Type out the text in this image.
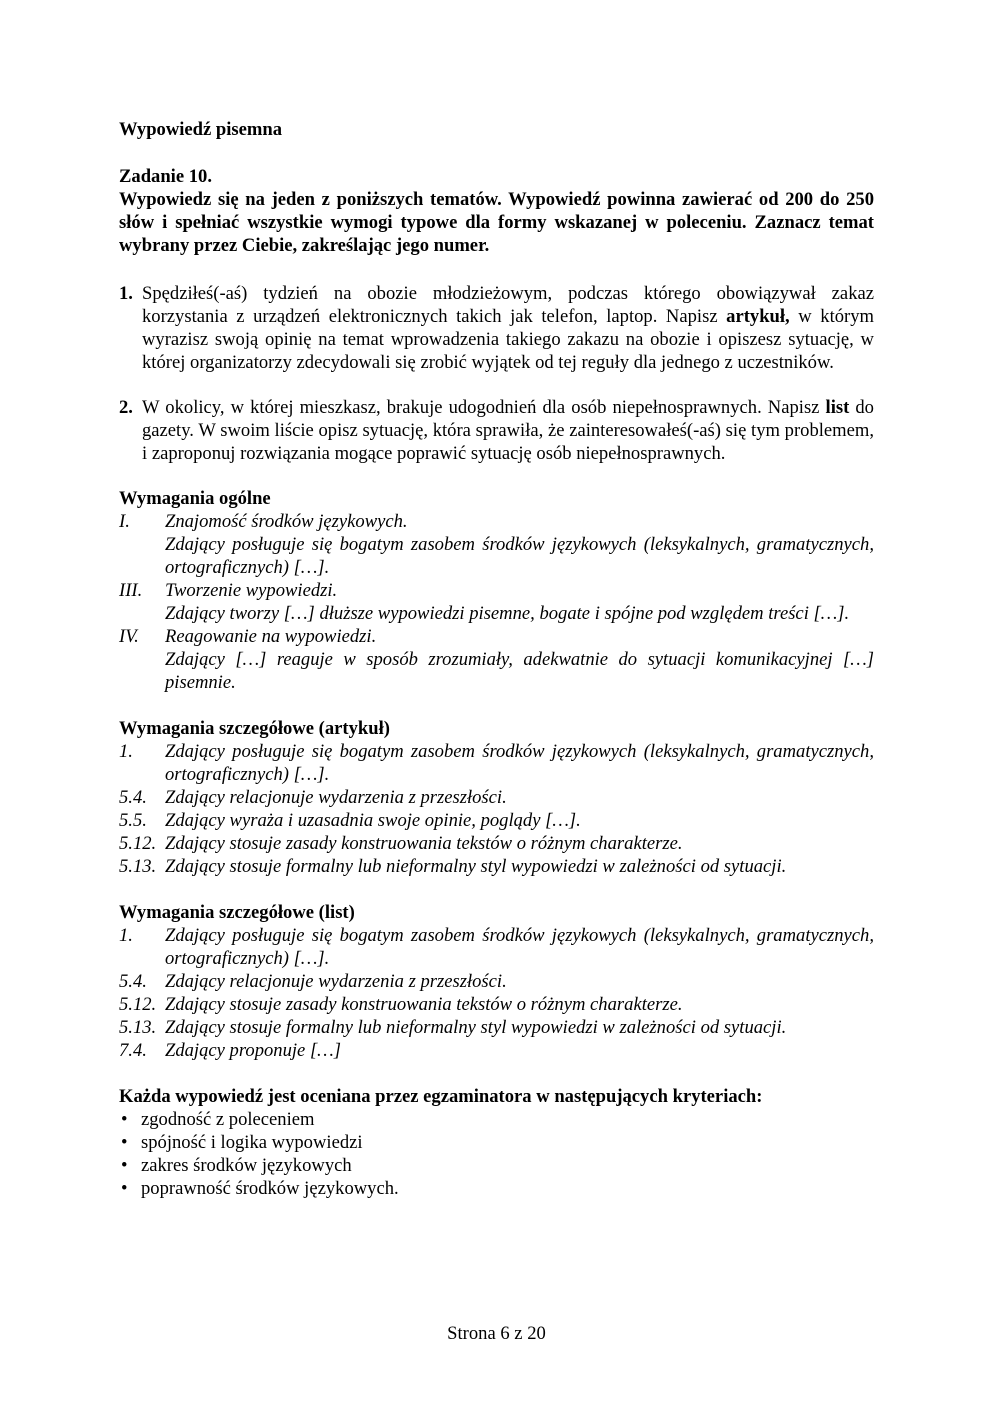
Wypowiedź pisemna

Zadanie 10.

Wypowiedz się na jeden z poniższych tematów. Wypowiedź powinna zawierać od 200 do 250 słów i spełniać wszystkie wymogi typowe dla formy wskazanej w poleceniu. Zaznacz temat wybrany przez Ciebie, zakreślając jego numer.

1. Spędziłeś(-aś) tydzień na obozie młodzieżowym, podczas którego obowiązywał zakaz korzystania z urządzeń elektronicznych takich jak telefon, laptop. Napisz artykuł, w którym wyrazisz swoją opinię na temat wprowadzenia takiego zakazu na obozie i opiszesz sytuację, w której organizatorzy zdecydowali się zrobić wyjątek od tej reguły dla jednego z uczestników.

2. W okolicy, w której mieszkasz, brakuje udogodnień dla osób niepełnosprawnych. Napisz list do gazety. W swoim liście opisz sytuację, która sprawiła, że zainteresowałeś(-aś) się tym problemem, i zaproponuj rozwiązania mogące poprawić sytuację osób niepełnosprawnych.

Wymagania ogólne

I.	Znajomość środków językowych.
Zdający posługuje się bogatym zasobem środków językowych (leksykalnych, gramatycznych, ortograficznych) […].
III.	Tworzenie wypowiedzi.
Zdający tworzy […] dłuższe wypowiedzi pisemne, bogate i spójne pod względem treści […].
IV.	Reagowanie na wypowiedzi.
Zdający […] reaguje w sposób zrozumiały, adekwatnie do sytuacji komunikacyjnej […] pisemnie.

Wymagania szczegółowe (artykuł)

1.	Zdający posługuje się bogatym zasobem środków językowych (leksykalnych, gramatycznych, ortograficznych) […].
5.4. Zdający relacjonuje wydarzenia z przeszłości.
5.5. Zdający wyraża i uzasadnia swoje opinie, poglądy […].
5.12. Zdający stosuje zasady konstruowania tekstów o różnym charakterze.
5.13. Zdający stosuje formalny lub nieformalny styl wypowiedzi w zależności od sytuacji.

Wymagania szczegółowe (list)

1.	Zdający posługuje się bogatym zasobem środków językowych (leksykalnych, gramatycznych, ortograficznych) […].
5.4. Zdający relacjonuje wydarzenia z przeszłości.
5.12. Zdający stosuje zasady konstruowania tekstów o różnym charakterze.
5.13. Zdający stosuje formalny lub nieformalny styl wypowiedzi w zależności od sytuacji.
7.4. Zdający proponuje […]

Każda wypowiedź jest oceniana przez egzaminatora w następujących kryteriach:

• zgodność z poleceniem
• spójność i logika wypowiedzi
• zakres środków językowych
• poprawność środków językowych.
Strona 6 z 20
